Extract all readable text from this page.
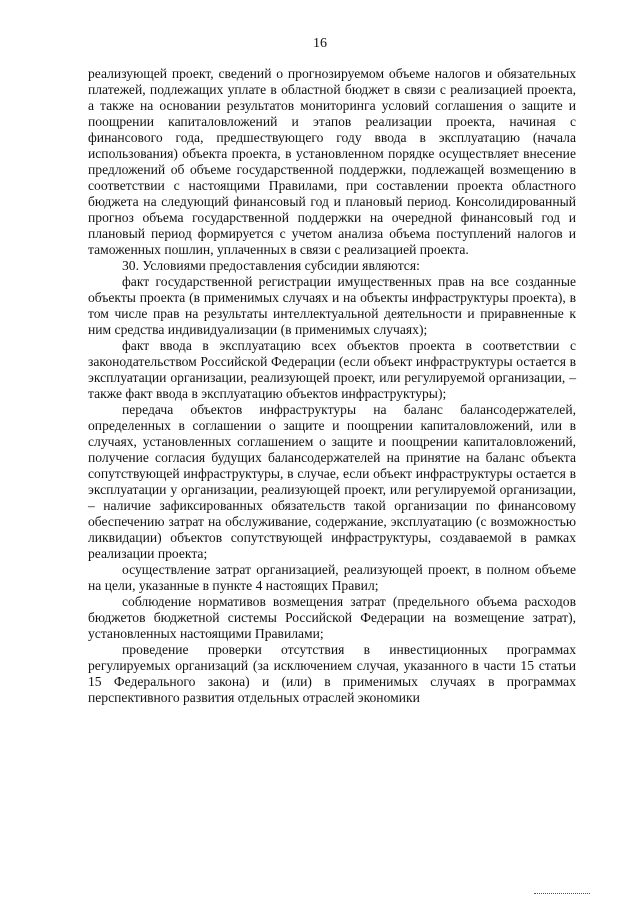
16

реализующей проект, сведений о прогнозируемом объеме налогов и обязательных платежей, подлежащих уплате в областной бюджет в связи с реализацией проекта, а также на основании результатов мониторинга условий соглашения о защите и поощрении капиталовложений и этапов реализации проекта, начиная с финансового года, предшествующего году ввода в эксплуатацию (начала использования) объекта проекта, в установленном порядке осуществляет внесение предложений об объеме государственной поддержки, подлежащей возмещению в соответствии с настоящими Правилами, при составлении проекта областного бюджета на следующий финансовый год и плановый период. Консолидированный прогноз объема государственной поддержки на очередной финансовый год и плановый период формируется с учетом анализа объема поступлений налогов и таможенных пошлин, уплаченных в связи с реализацией проекта.

30. Условиями предоставления субсидии являются:

факт государственной регистрации имущественных прав на все созданные объекты проекта (в применимых случаях и на объекты инфраструктуры проекта), в том числе прав на результаты интеллектуальной деятельности и приравненные к ним средства индивидуализации (в применимых случаях);

факт ввода в эксплуатацию всех объектов проекта в соответствии с законодательством Российской Федерации (если объект инфраструктуры остается в эксплуатации организации, реализующей проект, или регулируемой организации, – также факт ввода в эксплуатацию объектов инфраструктуры);

передача объектов инфраструктуры на баланс балансодержателей, определенных в соглашении о защите и поощрении капиталовложений, или в случаях, установленных соглашением о защите и поощрении капиталовложений, получение согласия будущих балансодержателей на принятие на баланс объекта сопутствующей инфраструктуры, в случае, если объект инфраструктуры остается в эксплуатации у организации, реализующей проект, или регулируемой организации, – наличие зафиксированных обязательств такой организации по финансовому обеспечению затрат на обслуживание, содержание, эксплуатацию (с возможностью ликвидации) объектов сопутствующей инфраструктуры, создаваемой в рамках реализации проекта;

осуществление затрат организацией, реализующей проект, в полном объеме на цели, указанные в пункте 4 настоящих Правил;

соблюдение нормативов возмещения затрат (предельного объема расходов бюджетов бюджетной системы Российской Федерации на возмещение затрат), установленных настоящими Правилами;

проведение проверки отсутствия в инвестиционных программах регулируемых организаций (за исключением случая, указанного в части 15 статьи 15 Федерального закона) и (или) в применимых случаях в программах перспективного развития отдельных отраслей экономики
